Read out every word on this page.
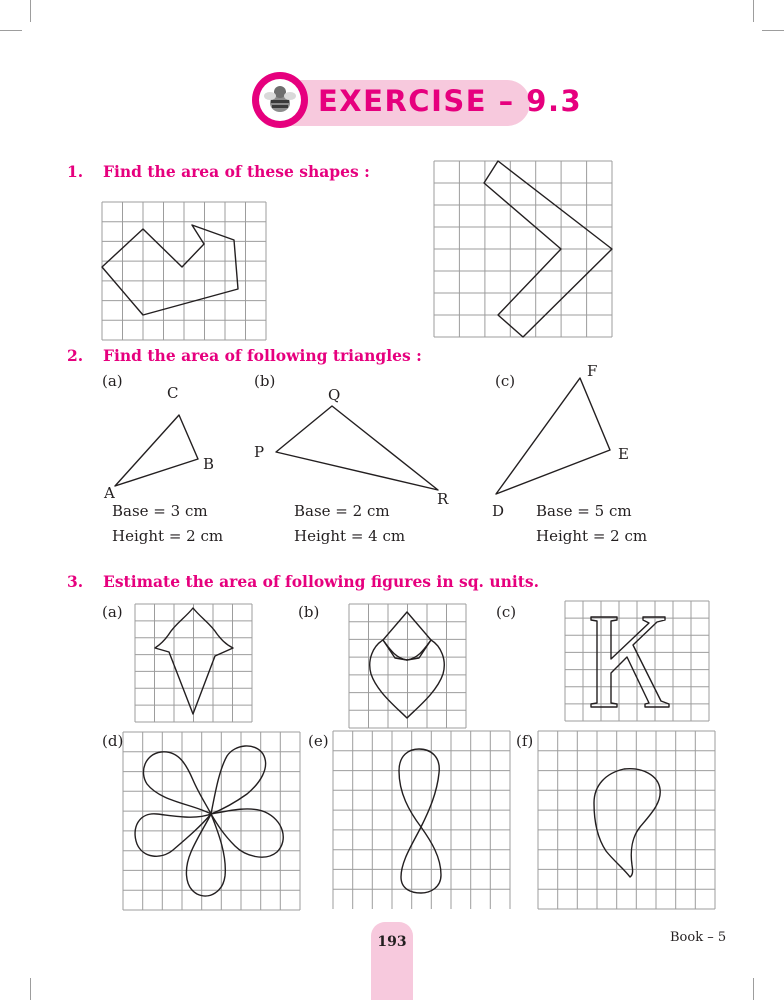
EXERCISE – 9.3
1. Find the area of these shapes :
2. Find the area of following triangles :
(a)
C
B
A
Base = 3 cm
Height = 2 cm
(b)
Q
P
R
Base = 2 cm
Height = 4 cm
(c)
F
E
D Base = 5 cm
Height = 2 cm
3. Estimate the area of following figures in sq. units.
(a)	(b)	(c)
(d)	(e)	(f)
193	Book – 5
